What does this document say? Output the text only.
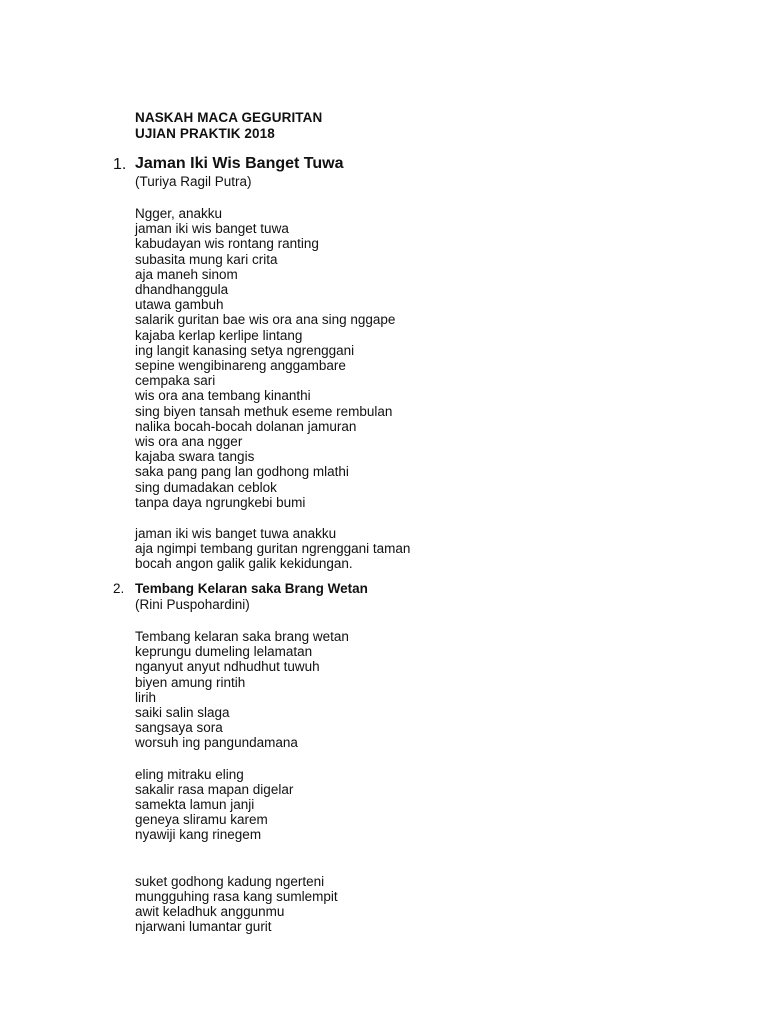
NASKAH MACA GEGURITAN
UJIAN PRAKTIK 2018
1. Jaman Iki Wis Banget Tuwa
(Turiya Ragil Putra)
Ngger, anakku
jaman iki wis banget tuwa
kabudayan wis rontang ranting
subasita mung kari crita
aja maneh sinom
dhandhanggula
utawa gambuh
salarik guritan bae wis ora ana sing nggape
kajaba kerlap kerlipe lintang
ing langit kanasing setya ngrenggani
sepine wengibinareng anggambare
cempaka sari
wis ora ana tembang kinanthi
sing biyen tansah methuk eseme rembulan
nalika bocah-bocah dolanan jamuran
wis ora ana ngger
kajaba swara tangis
saka pang pang lan godhong mlathi
sing dumadakan ceblok
tanpa daya ngrungkebi bumi
jaman iki wis banget tuwa anakku
aja ngimpi tembang guritan ngrenggani taman
bocah angon galik galik kekidungan.
2. Tembang Kelaran saka Brang Wetan
(Rini Puspohardini)
Tembang kelaran saka brang wetan
keprungu dumeling lelamatan
nganyut anyut ndhudhut tuwuh
biyen amung rintih
lirih
saiki salin slaga
sangsaya sora
worsuh ing pangundamana
eling mitraku eling
sakalir rasa mapan digelar
samekta lamun janji
geneya sliramu karem
nyawiji kang rinegem
suket godhong kadung ngerteni
mungguhing rasa kang sumlempit
awit keladhuk anggunmu
njarwani lumantar gurit
